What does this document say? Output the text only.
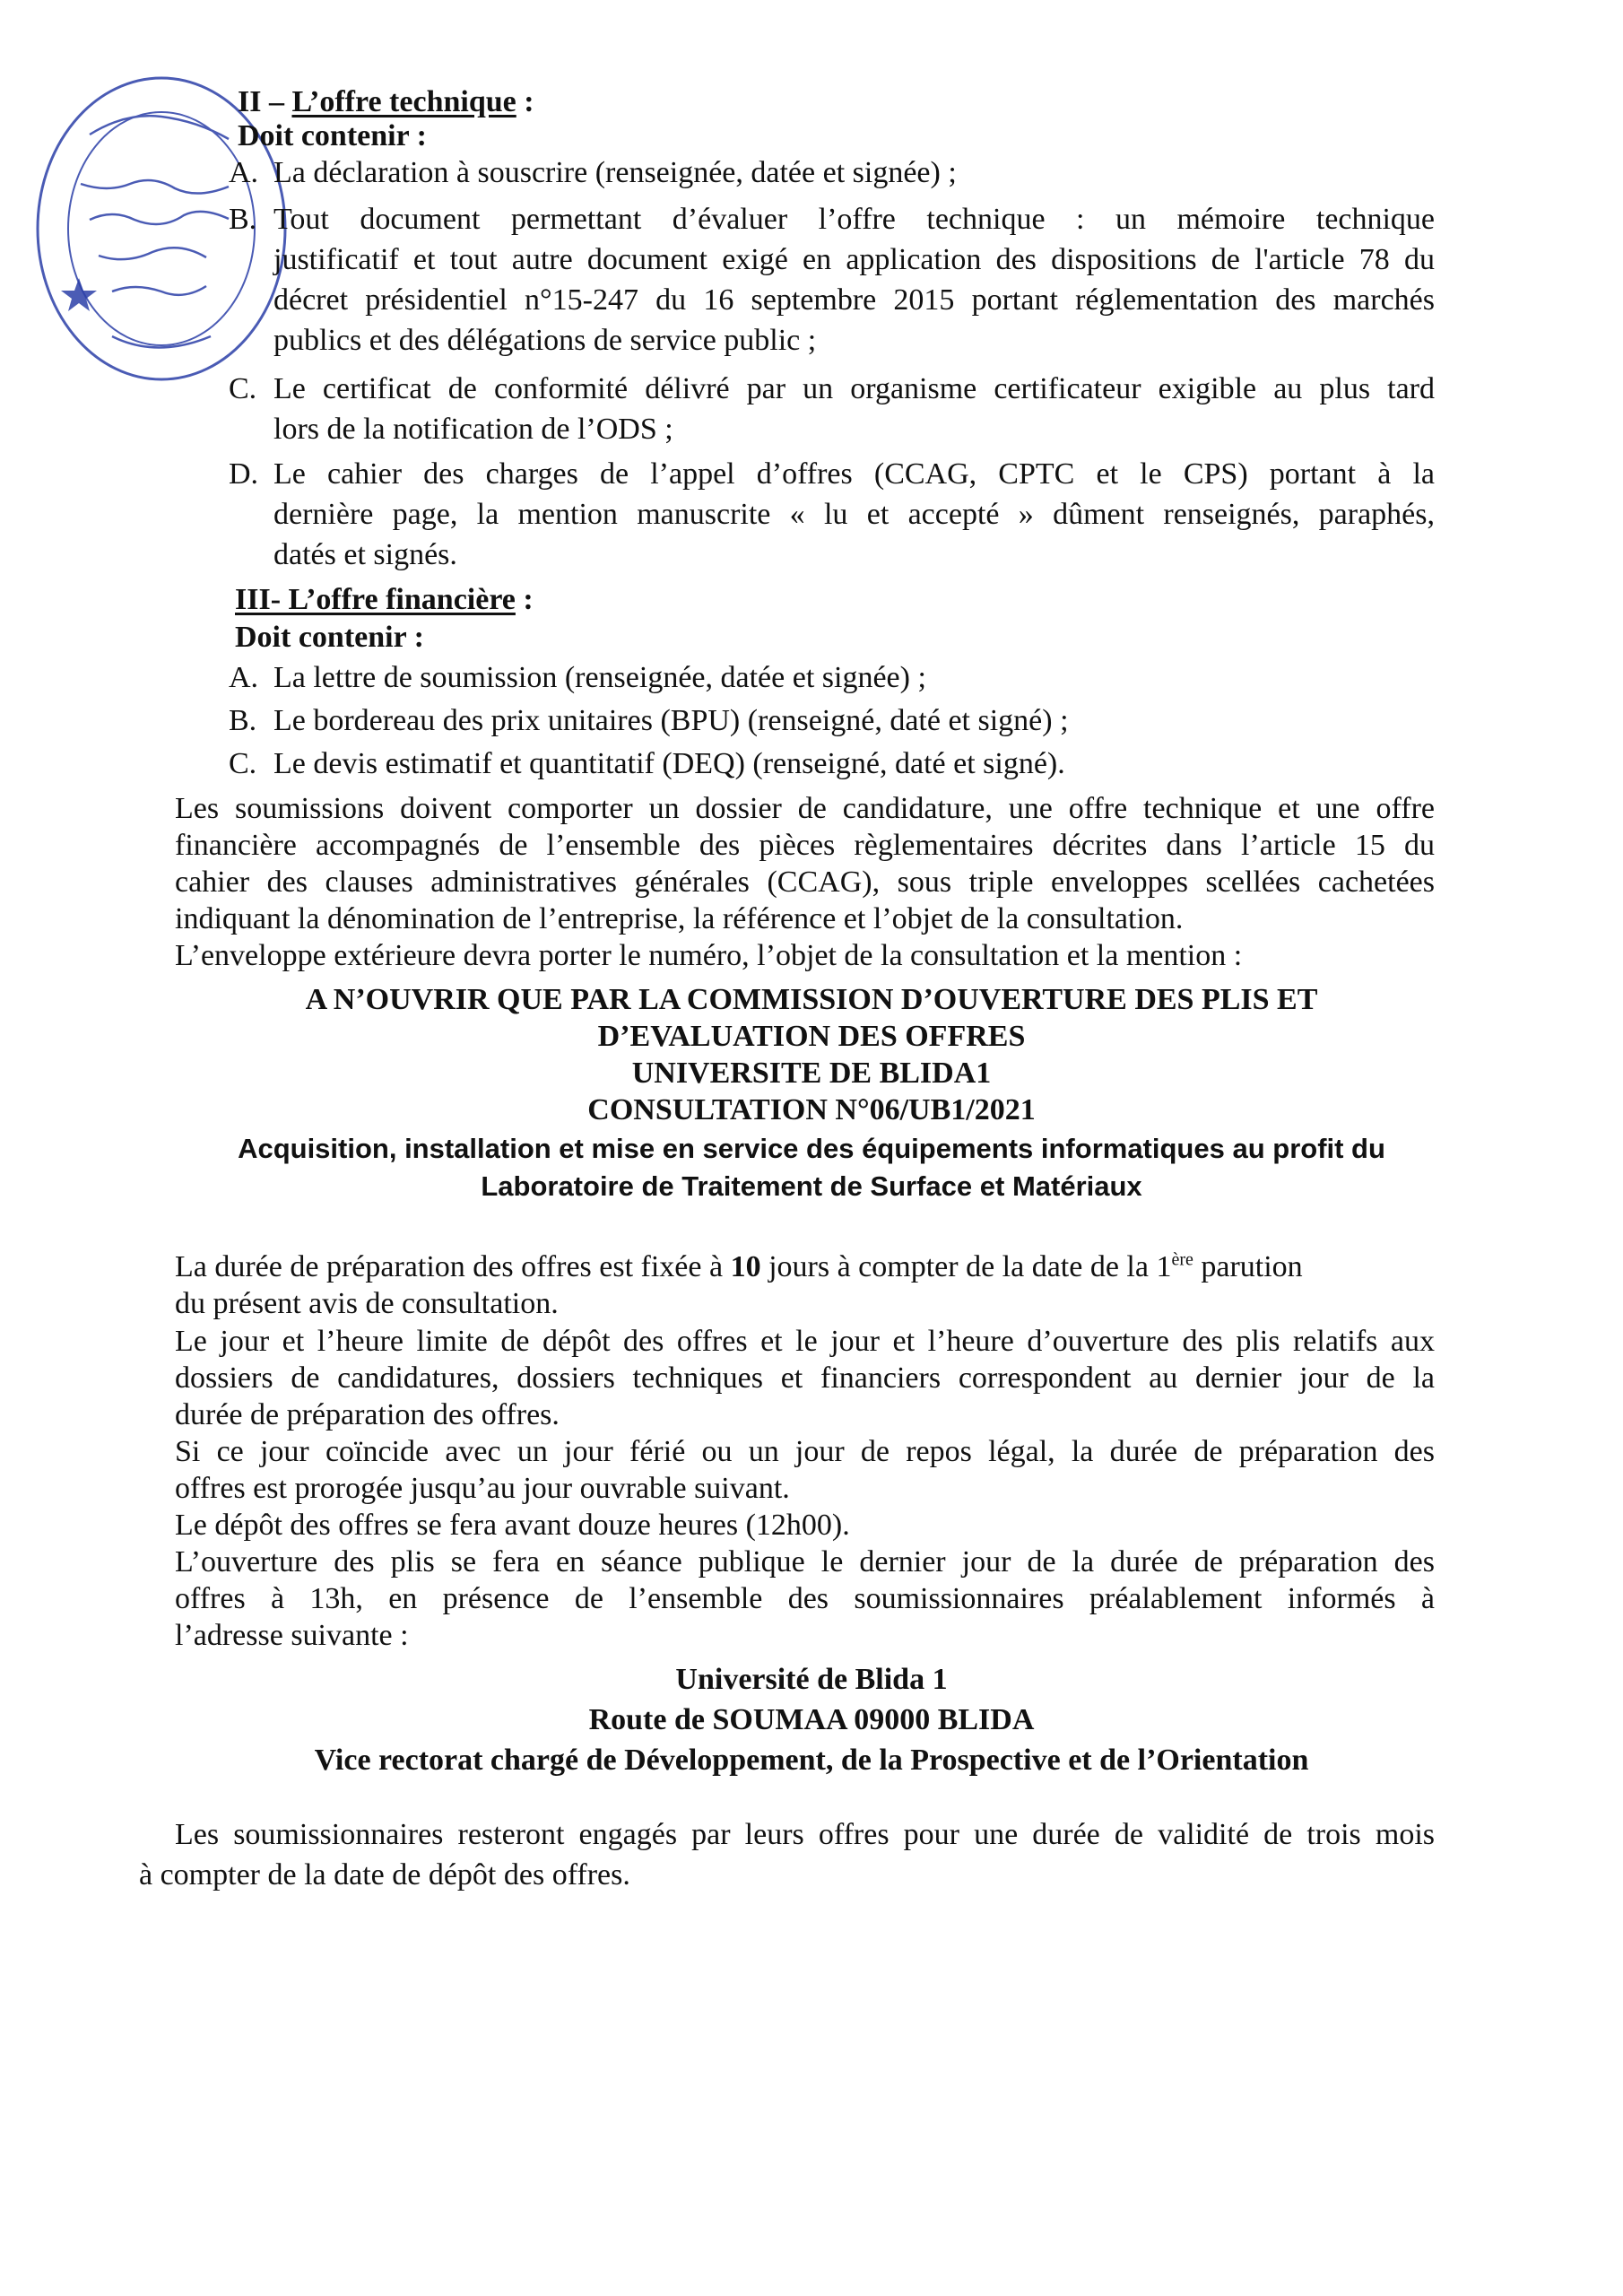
II – L’offre technique :
Doit contenir :
A. La déclaration à souscrire (renseignée, datée et signée) ;
B. Tout document permettant d’évaluer l’offre technique : un mémoire technique
justificatif et tout autre document exigé en application des dispositions de l'article 78 du
décret présidentiel n°15-247 du 16 septembre 2015 portant réglementation des marchés
publics et des délégations de service public ;
C. Le certificat de conformité délivré par un organisme certificateur exigible au plus tard
lors de la notification de l’ODS ;
D. Le cahier des charges de l’appel d’offres (CCAG, CPTC et le CPS) portant à la
dernière page, la mention manuscrite « lu et accepté » dûment renseignés, paraphés,
datés et signés.
III- L’offre financière :
Doit contenir :
A. La lettre de soumission (renseignée, datée et signée) ;
B. Le bordereau des prix unitaires (BPU) (renseigné, daté et signé) ;
C. Le devis estimatif et quantitatif (DEQ) (renseigné, daté et signé).
Les soumissions doivent comporter un dossier de candidature, une offre technique et une offre
financière accompagnés de l’ensemble des pièces règlementaires décrites dans l’article 15 du
cahier des clauses administratives générales (CCAG), sous triple enveloppes scellées cachetées
indiquant la dénomination de l’entreprise, la référence et l’objet de la consultation.
L’enveloppe extérieure devra porter le numéro, l’objet de la consultation et la mention :
A N’OUVRIR QUE PAR LA COMMISSION D’OUVERTURE DES PLIS ET
D’EVALUATION DES OFFRES
UNIVERSITE DE BLIDA1
CONSULTATION N°06/UB1/2021
Acquisition, installation et mise en service des équipements informatiques au profit du
Laboratoire de Traitement de Surface et Matériaux
La durée de préparation des offres est fixée à 10 jours à compter de la date de la 1ère parution
du présent avis de consultation.
Le jour et l’heure limite de dépôt des offres et le jour et l’heure d’ouverture des plis relatifs aux
dossiers de candidatures, dossiers techniques et financiers correspondent au dernier jour de la
durée de préparation des offres.
Si ce jour coïncide avec un jour férié ou un jour de repos légal, la durée de préparation des
offres est prorogée jusqu’au jour ouvrable suivant.
Le dépôt des offres se fera avant douze heures (12h00).
L’ouverture des plis se fera en séance publique le dernier jour de la durée de préparation des
offres à 13h, en présence de l’ensemble des soumissionnaires préalablement informés à
l’adresse suivante :
Université de Blida 1
Route de SOUMAA 09000 BLIDA
Vice rectorat chargé de Développement, de la Prospective et de l’Orientation
Les soumissionnaires resteront engagés par leurs offres pour une durée de validité de trois mois
à compter de la date de dépôt des offres.
